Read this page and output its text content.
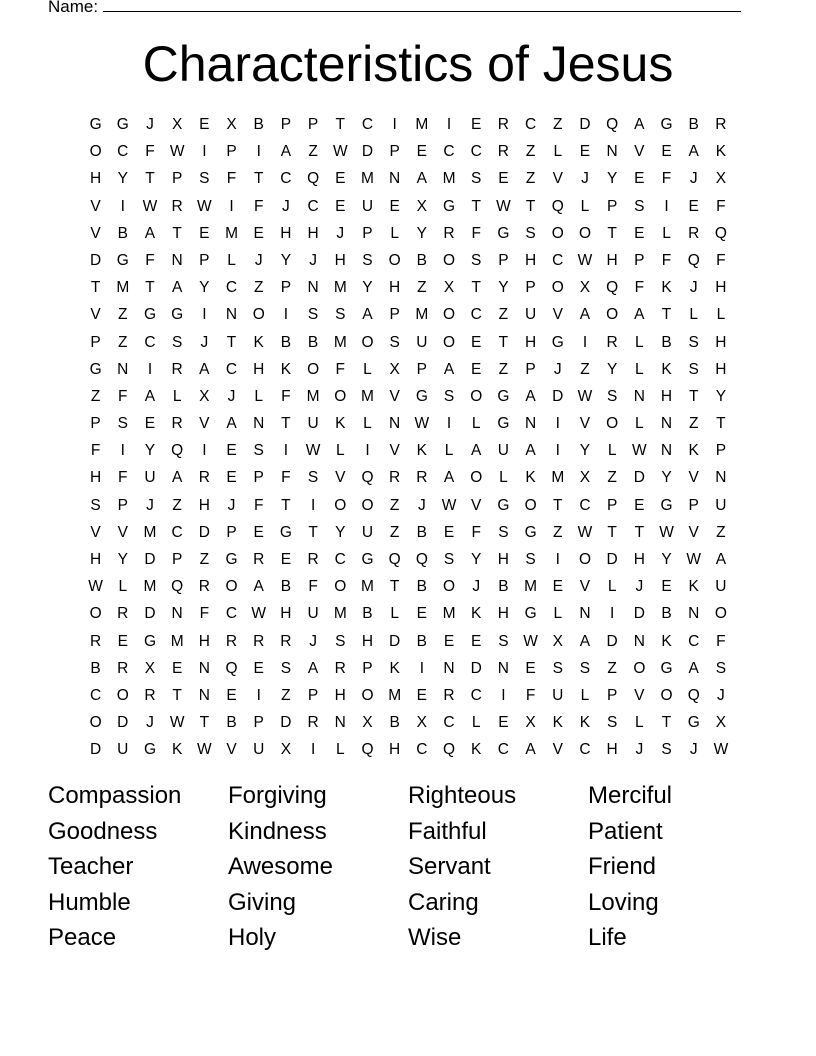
Name:
Characteristics of Jesus
G G	J	X	E	X	B	P	P	T	C	I	M	I	E	R	C	Z	D	Q	A	G	B	R
O	C	F W	I	P	I	A	Z W D	P	E	C	C	R	Z	L	E	N	V	E	A	K
H	Y	T	P	S	F	T	C	Q	E	M N	A	M	S	E	Z	V	J	Y	E	F	J	X
V	I	W R W	I	F	J	C	E	U	E	X	G	T W T	Q	L	P	S	I	E	F
V	B	A	T	E	M	E	H	H	J	P	L	Y	R	F	G	S	O O	T	E	L	R	Q
D	G	F	N	P	L	J	Y	J	H	S	O	B	O	S	P	H	C W H	P	F	Q	F
T	M	T	A	Y	C	Z	P	N M	Y	H	Z	X	T	Y	P	O	X	Q	F	K	J	H
V	Z	G G	I	N	O	I	S	S	A	P	M O	C	Z	U	V	A	O	A	T	L	L
P	Z	C	S	J	T	K	B	B	M O	S	U	O	E	T	H	G	I	R	L	B	S	H
G	N	I	R	A	C	H	K	O	F	L	X	P	A	E	Z	P	J	Z	Y	L	K	S	H
Z	F	A	L	X	J	L	F	M O M	V	G	S	O G	A	D W S	N	H	T	Y
P	S	E	R	V	A	N	T	U	K	L	N W	I	L	G	N	I	V	O	L	N	Z	T
F	I	Y	Q	I	E	S	I	W	L	I	V	K	L	A	U	A	I	Y	L	W N	K	P
H	F	U	A	R	E	P	F	S	V	Q	R	R	A	O	L	K	M	X	Z	D	Y	V	N
S	P	J	Z	H	J	F	T	I	O O	Z	J	W V	G O	T	C	P	E	G	P	U
V	V	M C	D	P	E	G	T	Y	U	Z	B	E	F	S	G	Z W T	T W V	Z
H	Y	D	P	Z	G	R	E	R	C	G Q Q	S	Y	H	S	I	O	D	H	Y W A
W	L	M Q	R	O	A	B	F	O M	T	B	O	J	B	M	E	V	L	J	E	K	U
O	R	D	N	F	C W H	U M	B	L	E	M	K	H	G	L	N	I	D	B	N	O
R	E	G M H	R	R	R	J	S	H	D	B	E	E	S W X	A	D	N	K	C	F
B	R	X	E	N	Q	E	S	A	R	P	K	I	N	D	N	E	S	S	Z	O G	A	S
C	O	R	T	N	E	I	Z	P	H	O M	E	R	C	I	F	U	L	P	V	O Q	J
O	D	J	W T	B	P	D	R	N	X	B	X	C	L	E	X	K	K	S	L	T	G	X
D	U	G	K W V	U	X	I	L	Q	H	C	Q	K	C	A	V	C	H	J	S	J	W
Compassion	Forgiving	Righteous	Merciful
Goodness	Kindness	Faithful	Patient
Teacher	Awesome	Servant	Friend
Humble	Giving	Caring	Loving
Peace	Holy	Wise	Life
